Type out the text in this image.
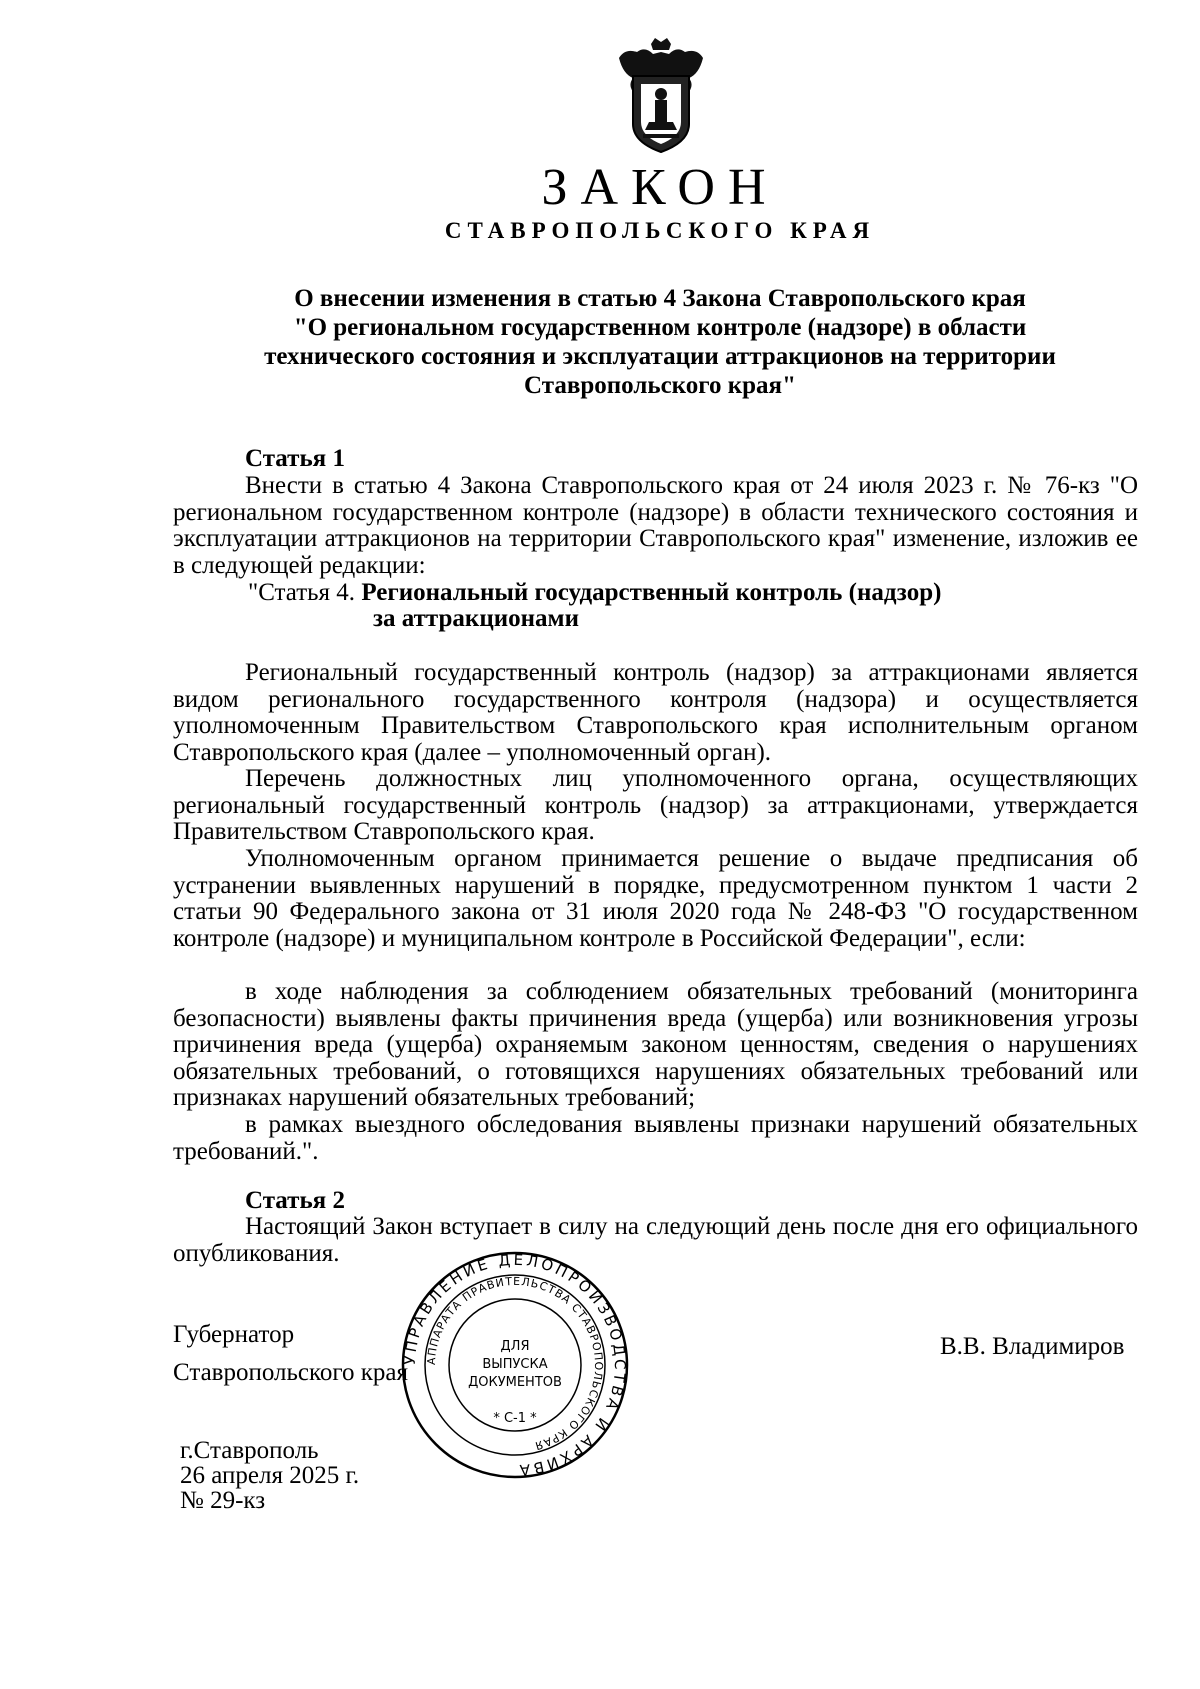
ЗАКОН
СТАВРОПОЛЬСКОГО КРАЯ
О внесении изменения в статью 4 Закона Ставропольского края
"О региональном государственном контроле (надзоре) в области
технического состояния и эксплуатации аттракционов на территории
Ставропольского края"
Статья 1
Внести в статью 4 Закона Ставропольского края от 24 июля 2023 г. № 76-кз "О региональном государственном контроле (надзоре) в области технического состояния и эксплуатации аттракционов на территории Ставропольского края" изменение, изложив ее в следующей редакции:
"Статья 4. Региональный государственный контроль (надзор)
за аттракционами
Региональный государственный контроль (надзор) за аттракционами является видом регионального государственного контроля (надзора) и осуществляется уполномоченным Правительством Ставропольского края исполнительным органом Ставропольского края (далее – уполномоченный орган).
Перечень должностных лиц уполномоченного органа, осуществляющих региональный государственный контроль (надзор) за аттракционами, утверждается Правительством Ставропольского края.
Уполномоченным органом принимается решение о выдаче предписания об устранении выявленных нарушений в порядке, предусмотренном пунктом 1 части 2 статьи 90 Федерального закона от 31 июля 2020 года № 248-ФЗ "О государственном контроле (надзоре) и муниципальном контроле в Российской Федерации", если:
в ходе наблюдения за соблюдением обязательных требований (мониторинга безопасности) выявлены факты причинения вреда (ущерба) или возникновения угрозы причинения вреда (ущерба) охраняемым законом ценностям, сведения о нарушениях обязательных требований, о готовящихся нарушениях обязательных требований или признаках нарушений обязательных требований;
в рамках выездного обследования выявлены признаки нарушений обязательных требований.".
Статья 2
Настоящий Закон вступает в силу на следующий день после дня его официального опубликования.
Губернатор
Ставропольского края
В.В. Владимиров
г.Ставрополь
26 апреля 2025 г.
№ 29-кз
УПРАВЛЕНИЕ ДЕЛОПРОИЗВОДСТВА И АРХИВА
АППАРАТА ПРАВИТЕЛЬСТВА СТАВРОПОЛЬСКОГО КРАЯ
ДЛЯ
ВЫПУСКА
ДОКУМЕНТОВ
* С-1 *
